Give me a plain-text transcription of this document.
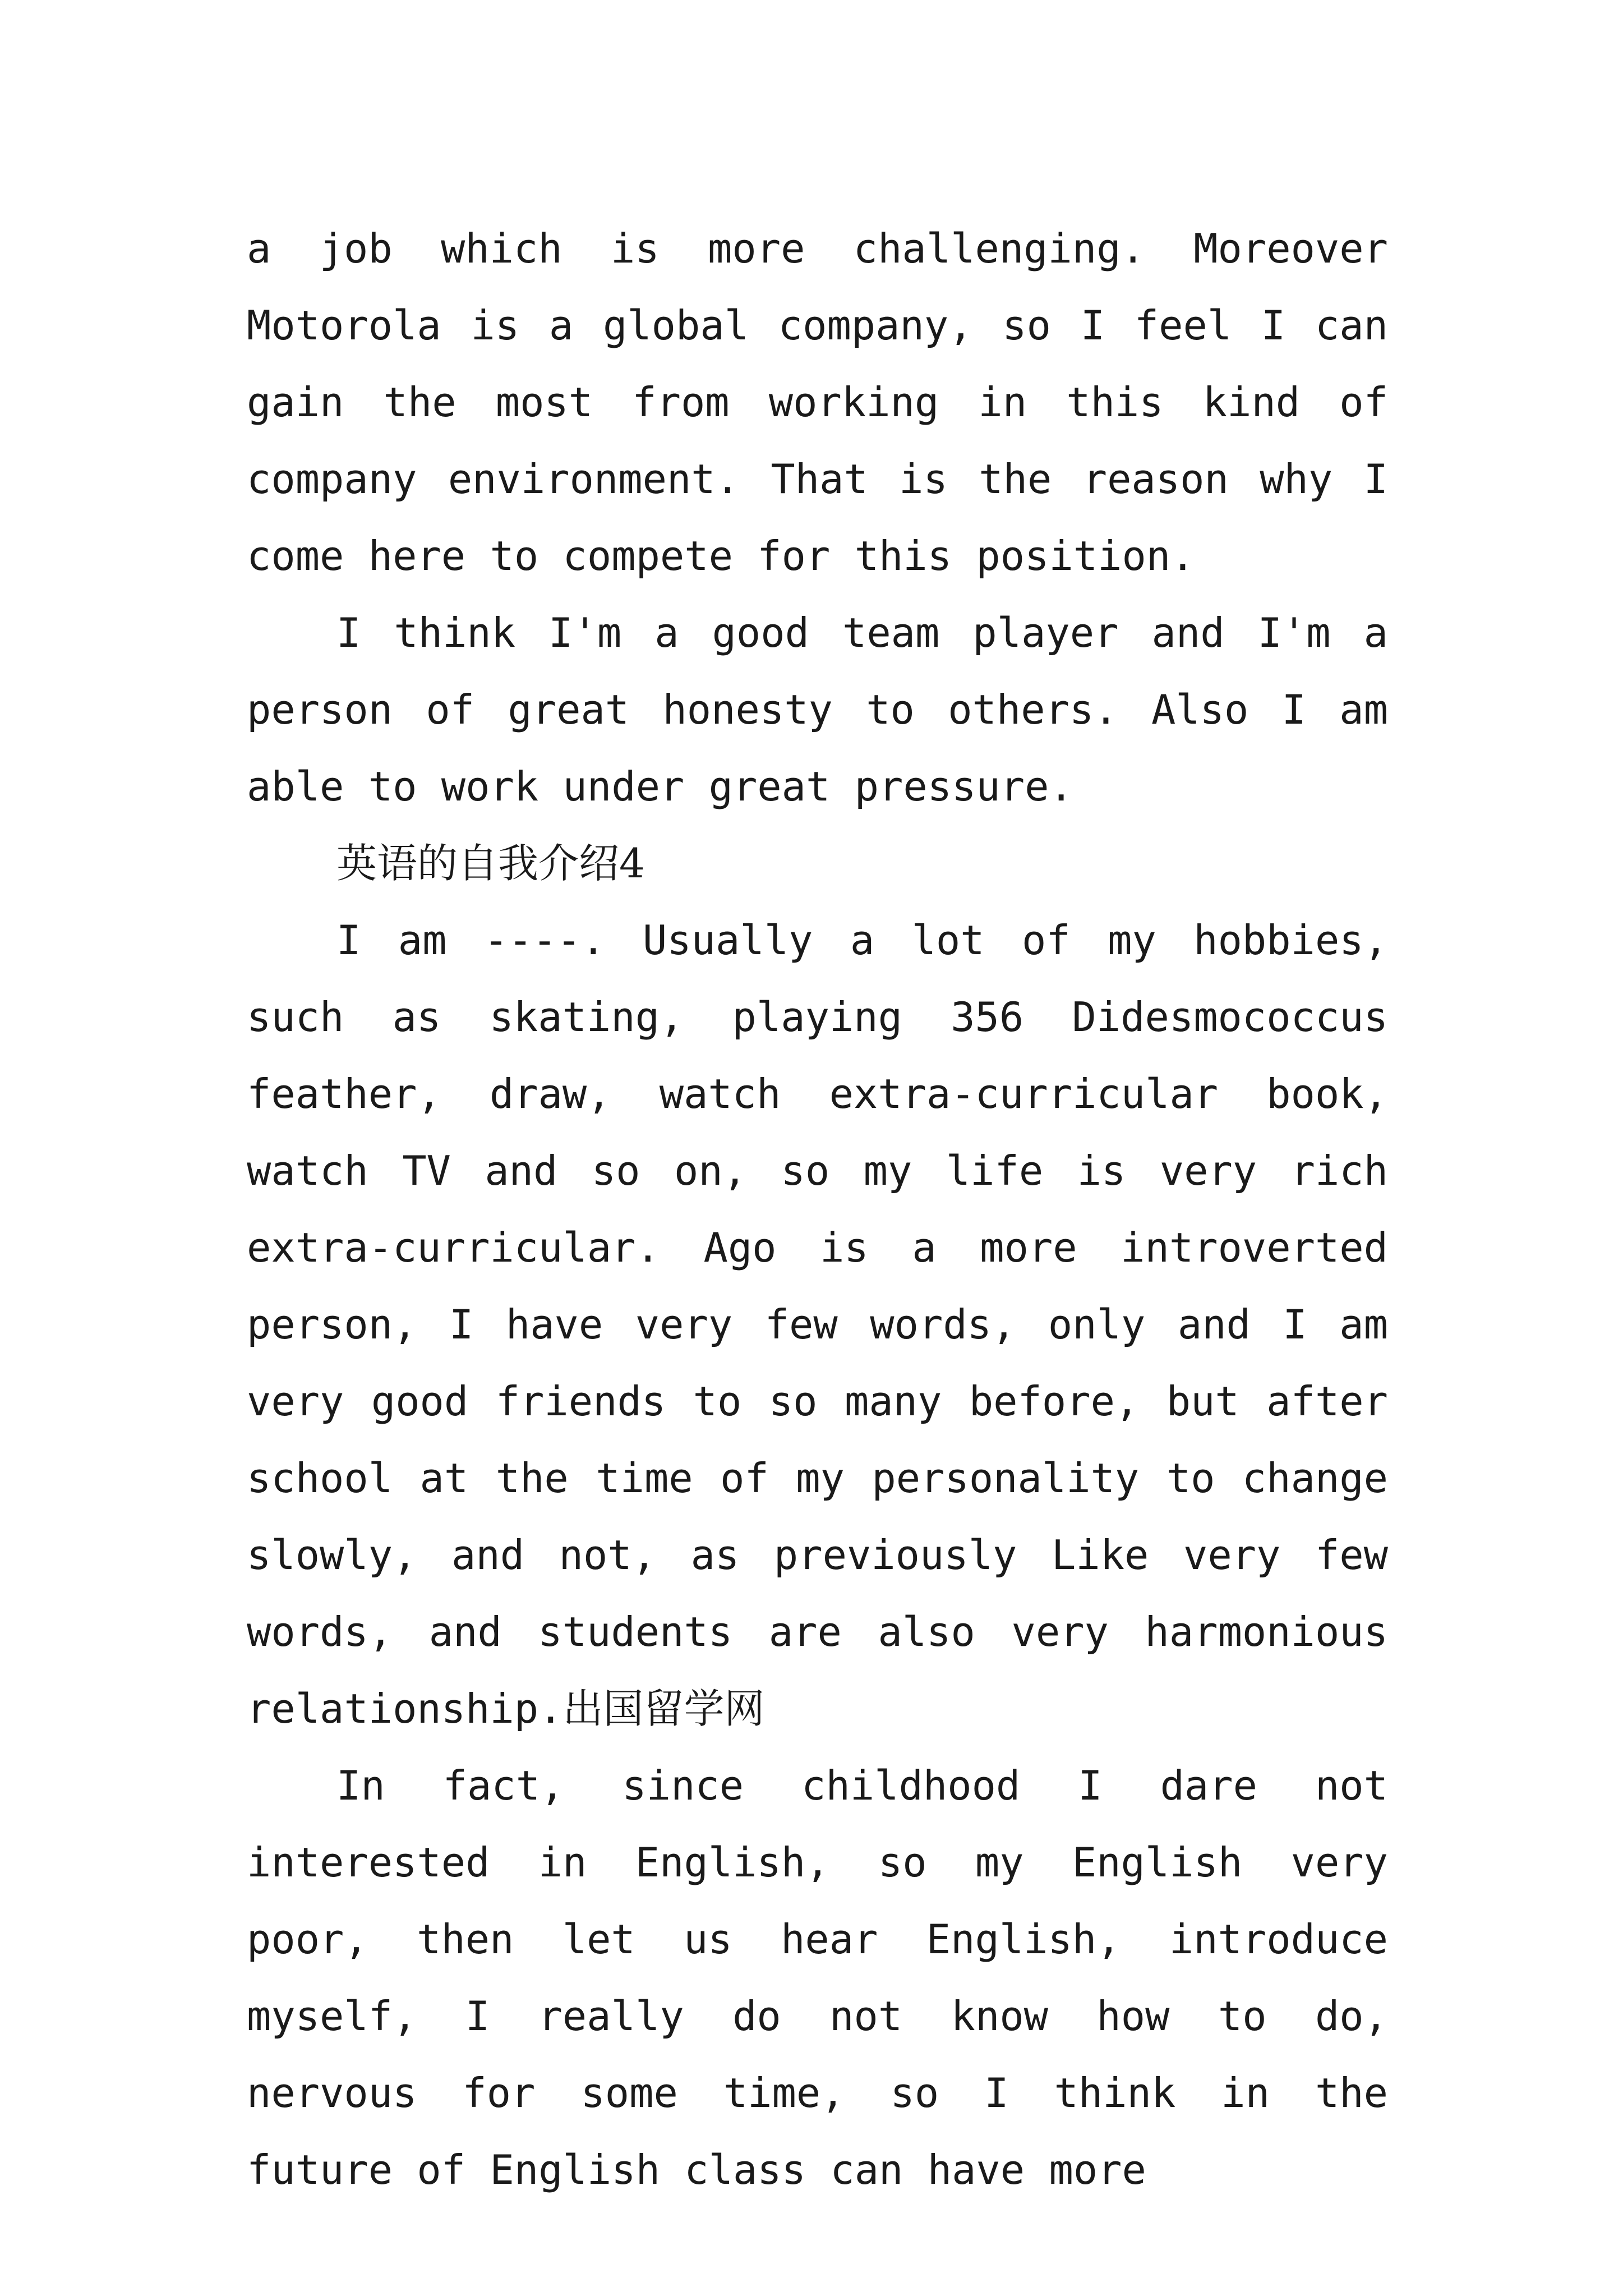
a job which is more challenging. Moreover Motorola is a global company, so I feel I can gain the most from working in this kind of company environment. That is the reason why I come here to compete for this position.

I think I'm a good team player and I'm a person of great honesty to others. Also I am able to work under great pressure.

英语的自我介绍4

I am ----. Usually a lot of my hobbies, such as skating, playing 356 Didesmococcus feather, draw, watch extra-curricular book, watch TV and so on, so my life is very rich extra-curricular. Ago is a more introverted person, I have very few words, only and I am very good friends to so many before, but after school at the time of my personality to change slowly, and not, as previously Like very few words, and students are also very harmonious relationship.出国留学网

In fact, since childhood I dare not interested in English, so my English very poor, then let us hear English, introduce myself, I really do not know how to do, nervous for some time, so I think in the future of English class can have more
